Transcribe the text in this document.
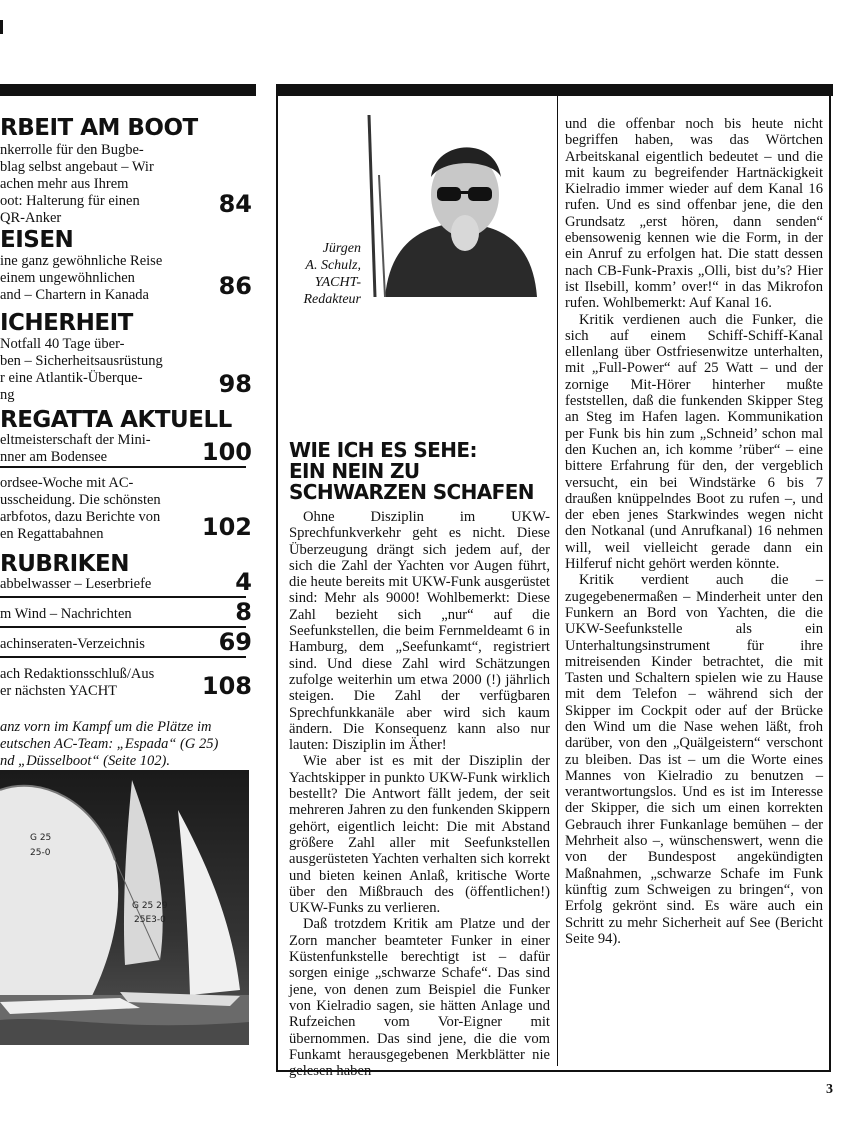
RBEIT AM BOOT
nkerrolle für den Bugbe-
blag selbst angebaut – Wir
achen mehr aus Ihrem
oot: Halterung für einen
QR-Anker	84
EISEN
ine ganz gewöhnliche Reise
einem ungewöhnlichen
and – Chartern in Kanada	86
ICHERHEIT
Notfall 40 Tage über-
ben – Sicherheitsausrüstung
r eine Atlantik-Überque-
ng	98
REGATTA AKTUELL
eltmeisterschaft der Mini-
nner am Bodensee	100
ordsee-Woche mit AC-
usscheidung. Die schönsten
arbfotos, dazu Berichte von
en Regattabahnen	102
RUBRIKEN
abbelwasser – Leserbriefe	4
m Wind – Nachrichten	8
achinseraten-Verzeichnis	69
ach Redaktionsschluß/Aus
er nächsten YACHT	108
anz vorn im Kampf um die Plätze im
eutschen AC-Team: „Espada“ (G 25)
nd „Düsselboot“ (Seite 102).
G 25
25-0
G 25 29
25E3-0
Jürgen
A. Schulz,
YACHT-
Redakteur
WIE ICH ES SEHE:
EIN NEIN ZU SCHWARZEN SCHAFEN

Ohne Disziplin im UKW-Sprechfunkverkehr geht es nicht. Diese Überzeugung drängt sich jedem auf, der sich die Zahl der Yachten vor Augen führt, die heute bereits mit UKW-Funk ausgerüstet sind: Mehr als 9000! Wohlbemerkt: Diese Zahl bezieht sich „nur“ auf die Seefunkstellen, die beim Fernmeldeamt 6 in Hamburg, dem „Seefunkamt“, registriert sind. Und diese Zahl wird Schätzungen zufolge weiterhin um etwa 2000 (!) jährlich steigen. Die Zahl der verfügbaren Sprechfunkkanäle aber wird sich kaum ändern. Die Konsequenz kann also nur lauten: Disziplin im Äther!

Wie aber ist es mit der Disziplin der Yachtskipper in punkto UKW-Funk wirklich bestellt? Die Antwort fällt jedem, der seit mehreren Jahren zu den funkenden Skippern gehört, eigentlich leicht: Die mit Abstand größere Zahl aller mit Seefunkstellen ausgerüsteten Yachten verhalten sich korrekt und bieten keinen Anlaß, kritische Worte über den Mißbrauch des (öffentlichen!) UKW-Funks zu verlieren.

Daß trotzdem Kritik am Platze und der Zorn mancher beamteter Funker in einer Küstenfunkstelle berechtigt ist – dafür sorgen einige „schwarze Schafe“. Das sind jene, von denen zum Beispiel die Funker von Kielradio sagen, sie hätten Anlage und Rufzeichen vom Vor-Eigner mit übernommen. Das sind jene, die die vom Funkamt herausgegebenen Merkblätter nie gelesen haben

und die offenbar noch bis heute nicht begriffen haben, was das Wörtchen Arbeitskanal eigentlich bedeutet – und die mit kaum zu begreifender Hartnäckigkeit Kielradio immer wieder auf dem Kanal 16 rufen. Und es sind offenbar jene, die den Grundsatz „erst hören, dann senden“ ebensowenig kennen wie die Form, in der ein Anruf zu erfolgen hat. Die statt dessen nach CB-Funk-Praxis „Olli, bist du’s? Hier ist Ilsebill, komm’ over!“ in das Mikrofon rufen. Wohlbemerkt: Auf Kanal 16.

Kritik verdienen auch die Funker, die sich auf einem Schiff-Schiff-Kanal ellenlang über Ostfriesenwitze unterhalten, mit „Full-Power“ auf 25 Watt – und der zornige Mit-Hörer hinterher mußte feststellen, daß die funkenden Skipper Steg an Steg im Hafen lagen. Kommunikation per Funk bis hin zum „Schneid’ schon mal den Kuchen an, ich komme ’rüber“ – eine bittere Erfahrung für den, der vergeblich versucht, ein bei Windstärke 6 bis 7 draußen knüppelndes Boot zu rufen –, und der eben jenes Starkwindes wegen nicht den Notkanal (und Anrufkanal) 16 nehmen will, weil vielleicht gerade dann ein Hilferuf nicht gehört werden könnte.

Kritik verdient auch die – zugegebenermaßen – Minderheit unter den Funkern an Bord von Yachten, die die UKW-Seefunkstelle als ein Unterhaltungsinstrument für ihre mitreisenden Kinder betrachtet, die mit Tasten und Schaltern spielen wie zu Hause mit dem Telefon – während sich der Skipper im Cockpit oder auf der Brücke den Wind um die Nase wehen läßt, froh darüber, von den „Quälgeistern“ verschont zu bleiben. Das ist – um die Worte eines Mannes von Kielradio zu benutzen – verantwortungslos. Und es ist im Interesse der Skipper, die sich um einen korrekten Gebrauch ihrer Funkanlage bemühen – der Mehrheit also –, wünschenswert, wenn die von der Bundespost angekündigten Maßnahmen, „schwarze Schafe im Funk künftig zum Schweigen zu bringen“, von Erfolg gekrönt sind. Es wäre auch ein Schritt zu mehr Sicherheit auf See (Bericht Seite 94).

3
